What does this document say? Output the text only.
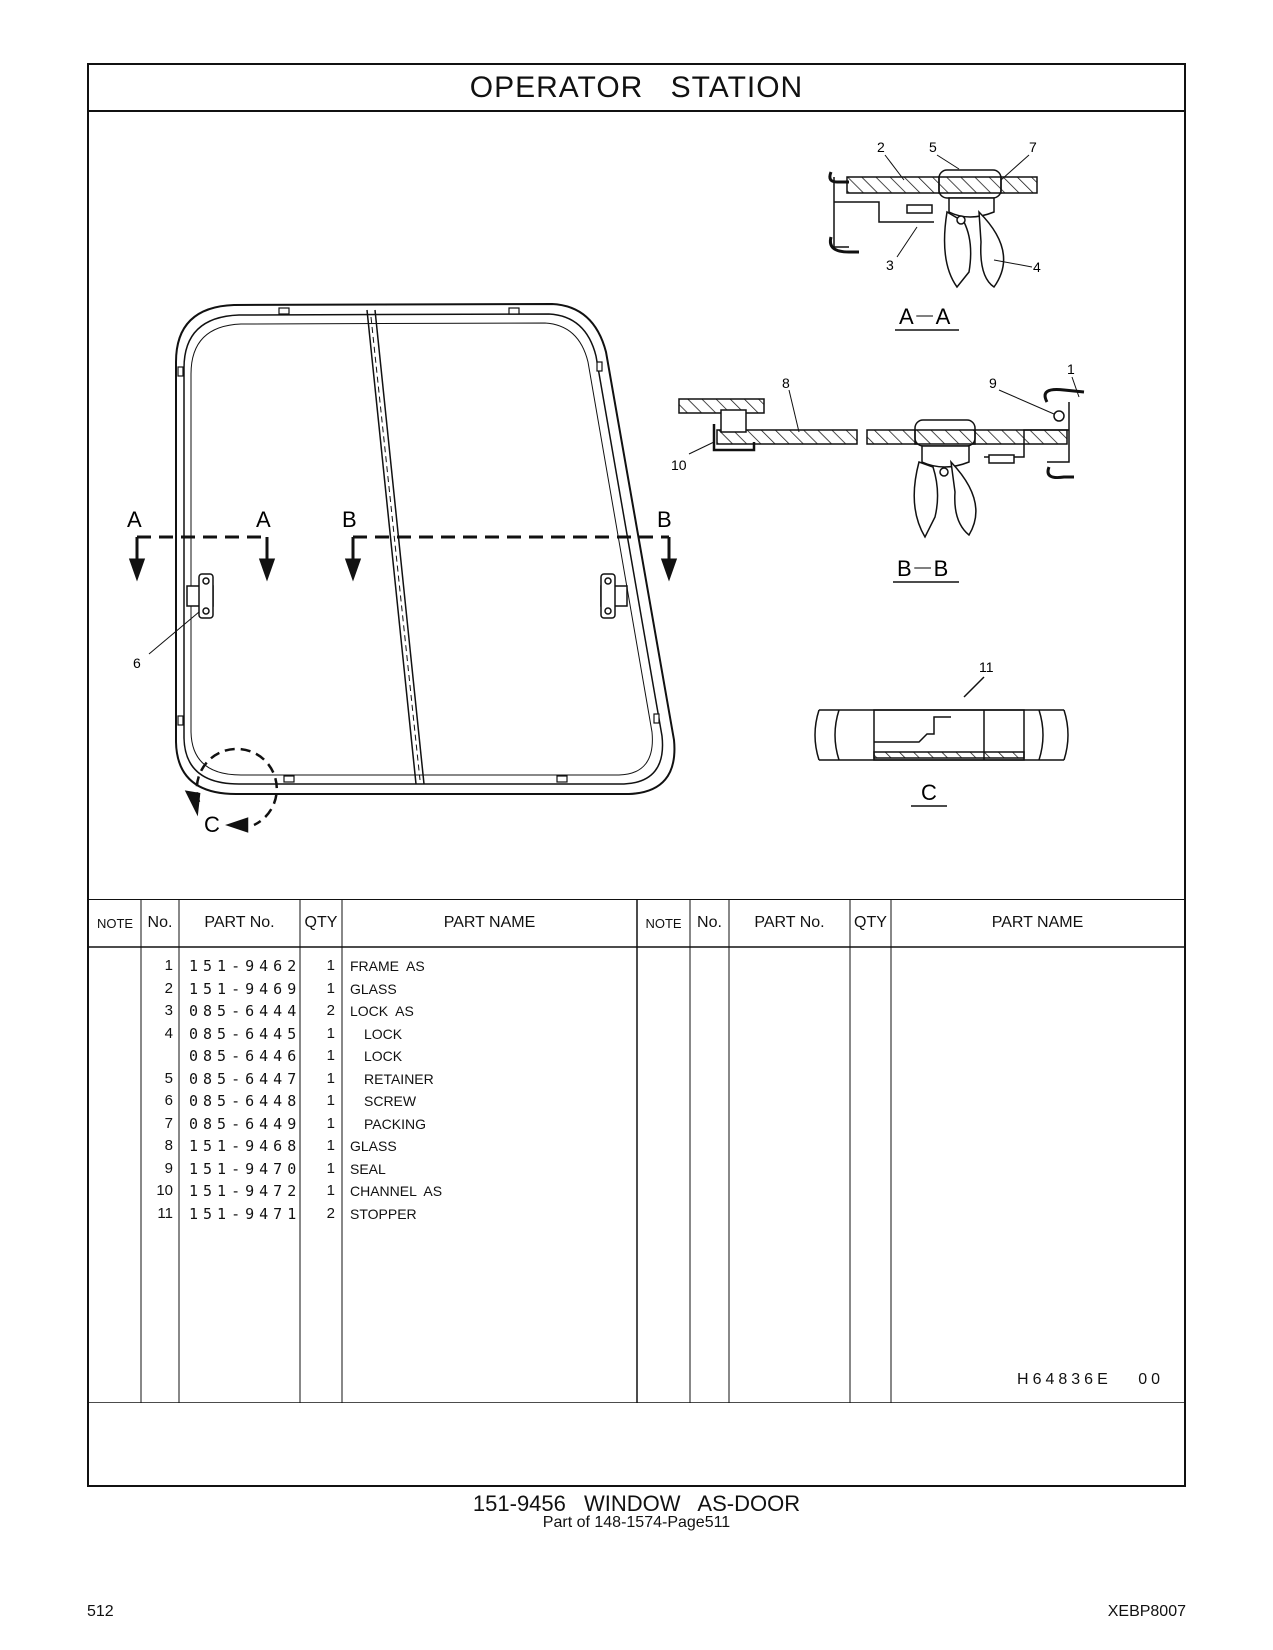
OPERATOR STATION
A	A	B	B
C
6
2	5	7
3	4
A－A
8	9
1
10
B－B
11
C
NOTE No.	PART No.	QTY	PART NAME	NOTE No.	PART No.	QTY	PART NAME
1 151-9462	1 FRAME  AS
2 151-9469	1 GLASS
3 085-6444	2 LOCK  AS
4 085-6445	1 LOCK
085-6446	1 LOCK
5 085-6447	1 RETAINER
6 085-6448	1 SCREW
7 085-6449	1 PACKING
8 151-9468	1 GLASS
9 151-9470	1 SEAL
10 151-9472	1 CHANNEL  AS
11 151-9471	2 STOPPER
H64836E 00
151-9456 WINDOW AS-DOOR
Part of 148-1574-Page511
512	XEBP8007
